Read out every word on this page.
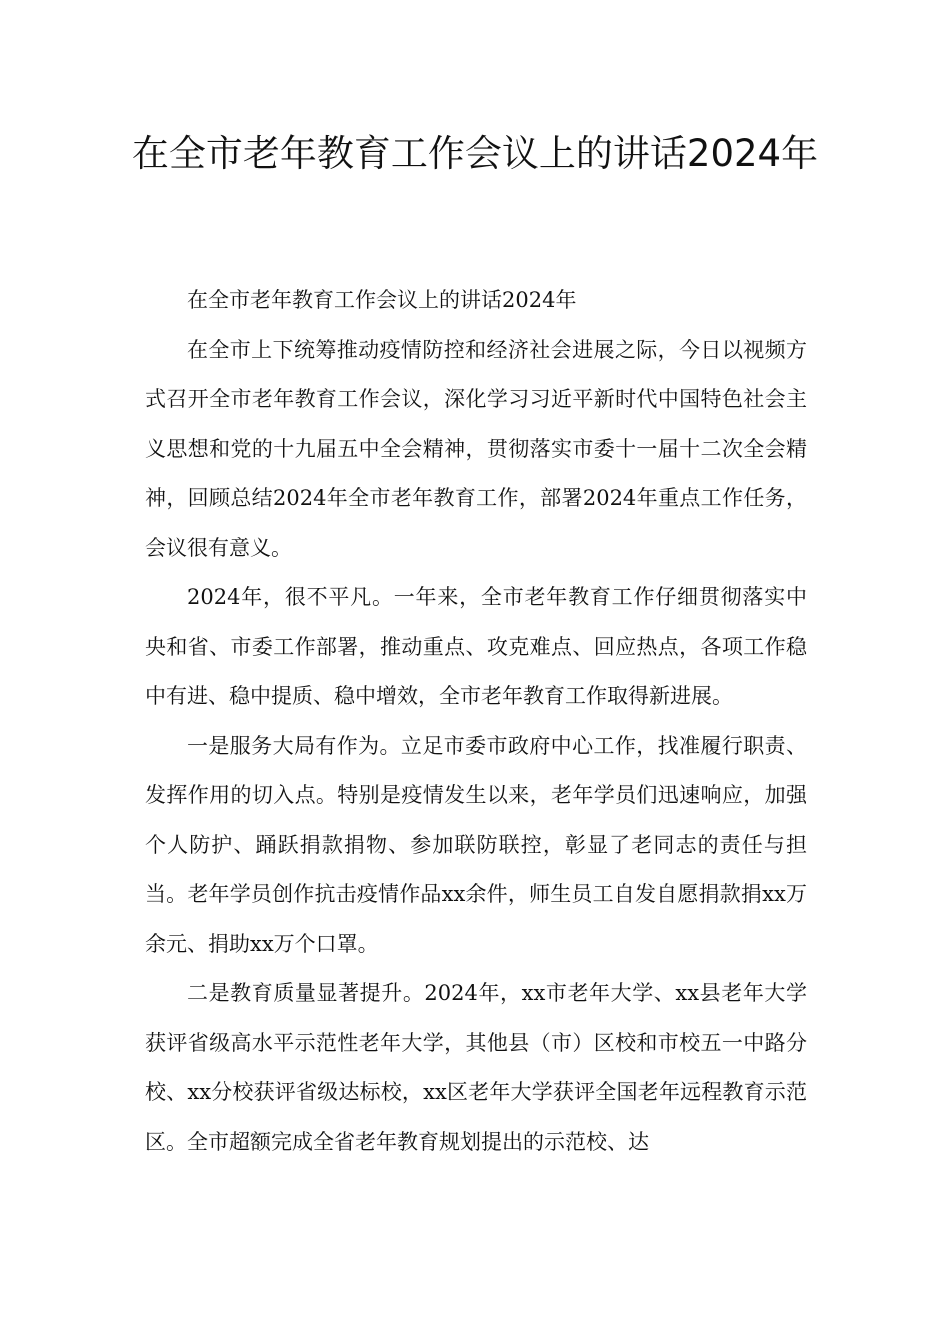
在全市老年教育工作会议上的讲话2024年

在全市老年教育工作会议上的讲话2024年

在全市上下统筹推动疫情防控和经济社会进展之际，今日以视频方式召开全市老年教育工作会议，深化学习习近平新时代中国特色社会主义思想和党的十九届五中全会精神，贯彻落实市委十一届十二次全会精神，回顾总结2024年全市老年教育工作，部署2024年重点工作任务，会议很有意义。

2024年，很不平凡。一年来，全市老年教育工作仔细贯彻落实中央和省、市委工作部署，推动重点、攻克难点、回应热点，各项工作稳中有进、稳中提质、稳中增效，全市老年教育工作取得新进展。

一是服务大局有作为。立足市委市政府中心工作，找准履行职责、发挥作用的切入点。特别是疫情发生以来，老年学员们迅速响应，加强个人防护、踊跃捐款捐物、参加联防联控，彰显了老同志的责任与担当。老年学员创作抗击疫情作品xx余件，师生员工自发自愿捐款捐xx万余元、捐助xx万个口罩。

二是教育质量显著提升。2024年，xx市老年大学、xx县老年大学获评省级高水平示范性老年大学，其他县（市）区校和市校五一中路分校、xx分校获评省级达标校，xx区老年大学获评全国老年远程教育示范区。全市超额完成全省老年教育规划提出的示范校、达
